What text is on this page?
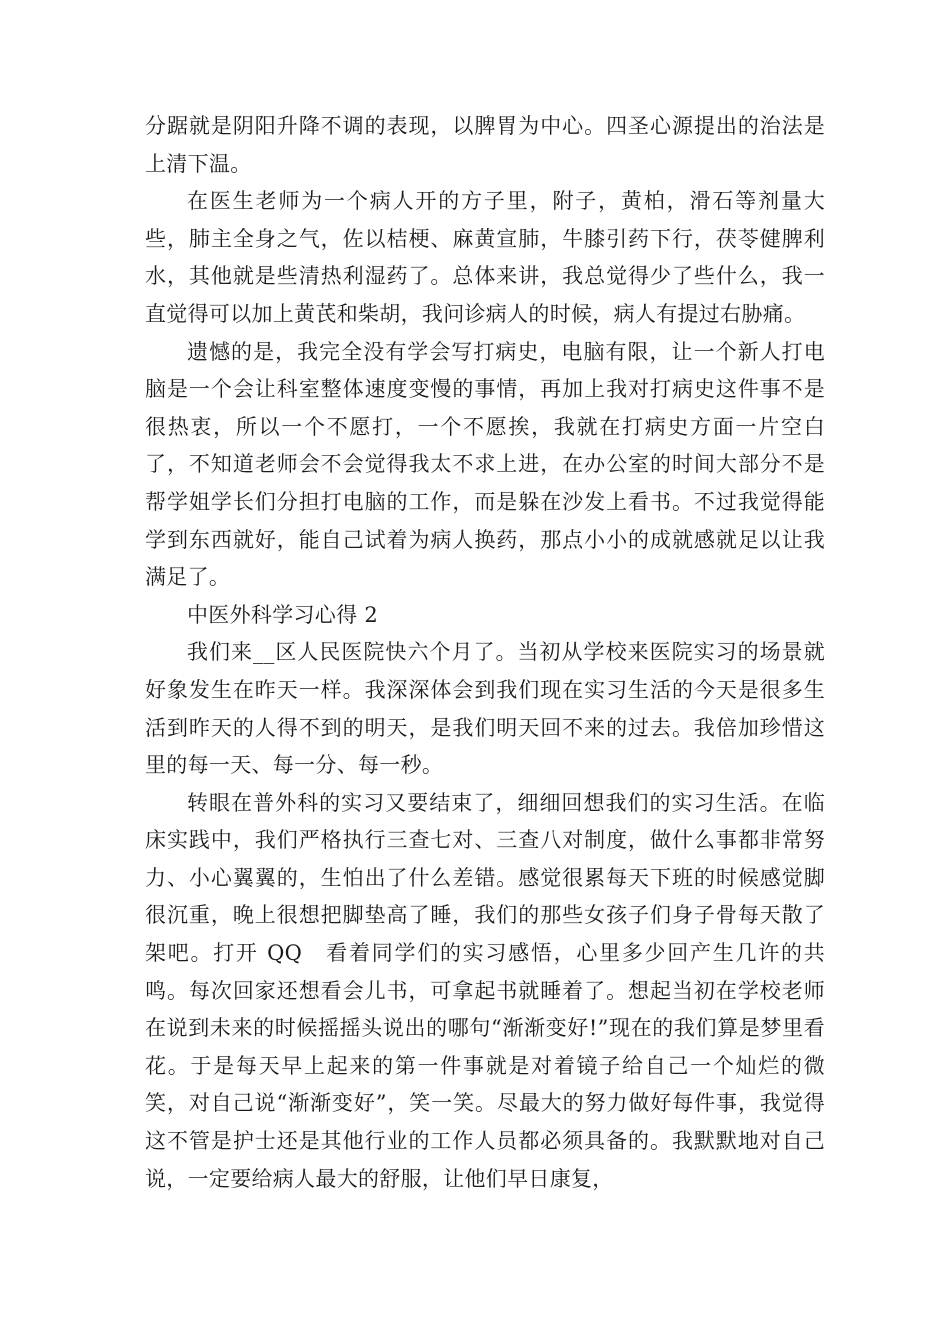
分踞就是阴阳升降不调的表现，以脾胃为中心。四圣心源提出的治法是上清下温。

在医生老师为一个病人开的方子里，附子，黄柏，滑石等剂量大些，肺主全身之气，佐以桔梗、麻黄宣肺，牛膝引药下行，茯苓健脾利水，其他就是些清热利湿药了。总体来讲，我总觉得少了些什么，我一直觉得可以加上黄芪和柴胡，我问诊病人的时候，病人有提过右胁痛。

遗憾的是，我完全没有学会写打病史，电脑有限，让一个新人打电脑是一个会让科室整体速度变慢的事情，再加上我对打病史这件事不是很热衷，所以一个不愿打，一个不愿挨，我就在打病史方面一片空白了，不知道老师会不会觉得我太不求上进，在办公室的时间大部分不是帮学姐学长们分担打电脑的工作，而是躲在沙发上看书。不过我觉得能学到东西就好，能自己试着为病人换药，那点小小的成就感就足以让我满足了。

中医外科学习心得 2

我们来__区人民医院快六个月了。当初从学校来医院实习的场景就好象发生在昨天一样。我深深体会到我们现在实习生活的今天是很多生活到昨天的人得不到的明天，是我们明天回不来的过去。我倍加珍惜这里的每一天、每一分、每一秒。

转眼在普外科的实习又要结束了，细细回想我们的实习生活。在临床实践中，我们严格执行三查七对、三查八对制度，做什么事都非常努力、小心翼翼的，生怕出了什么差错。感觉很累每天下班的时候感觉脚很沉重，晚上很想把脚垫高了睡，我们的那些女孩子们身子骨每天散了架吧。打开 QQ　看着同学们的实习感悟，心里多少回产生几许的共鸣。每次回家还想看会儿书，可拿起书就睡着了。想起当初在学校老师在说到未来的时候摇摇头说出的哪句“渐渐变好!”现在的我们算是梦里看花。于是每天早上起来的第一件事就是对着镜子给自己一个灿烂的微笑，对自己说“渐渐变好”，笑一笑。尽最大的努力做好每件事，我觉得这不管是护士还是其他行业的工作人员都必须具备的。我默默地对自己说，一定要给病人最大的舒服，让他们早日康复，
